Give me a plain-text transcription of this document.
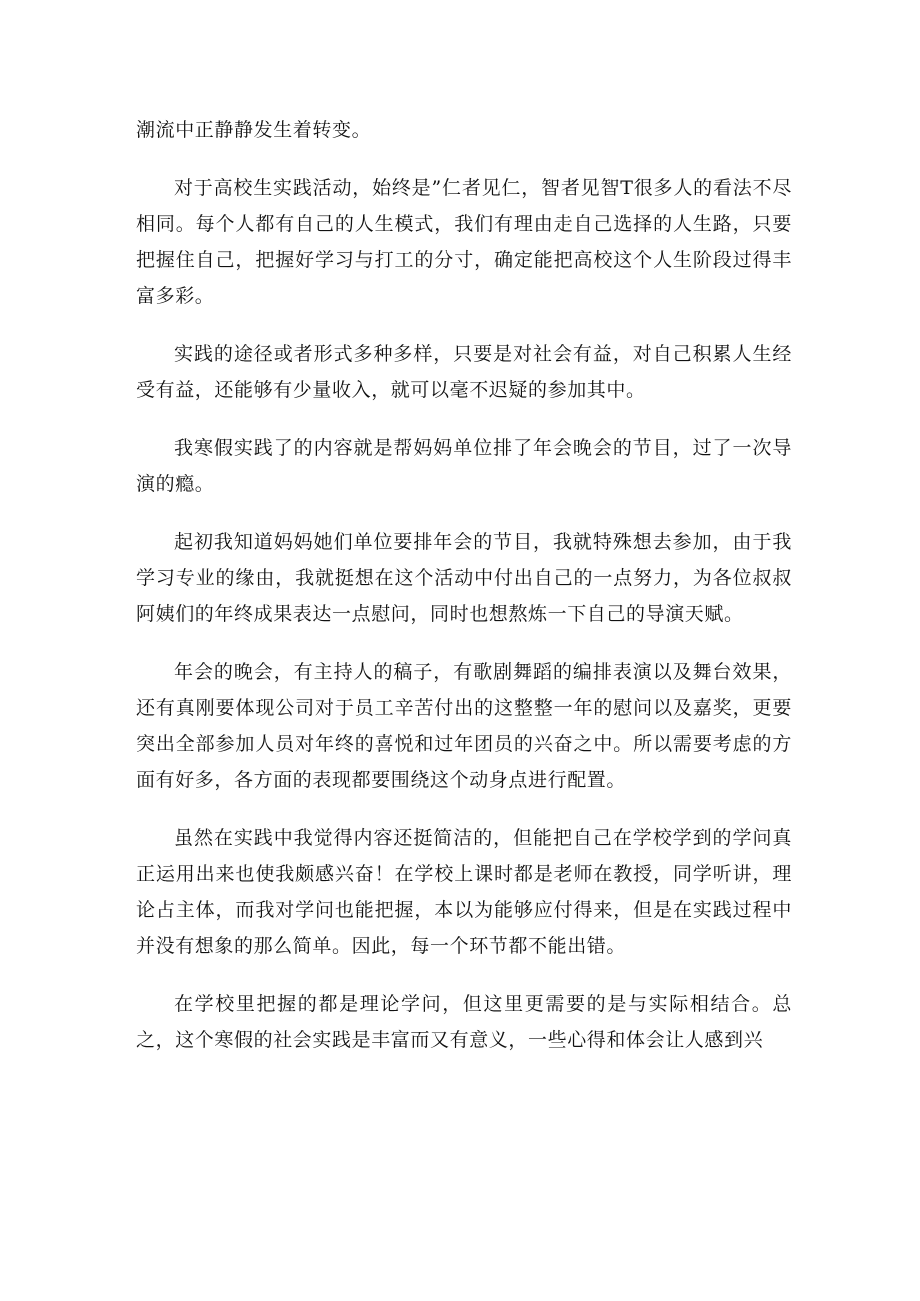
潮流中正静静发生着转变。

对于高校生实践活动，始终是”仁者见仁，智者见智T很多人的看法不尽相同。每个人都有自己的人生模式，我们有理由走自己选择的人生路，只要把握住自己，把握好学习与打工的分寸，确定能把高校这个人生阶段过得丰富多彩。

实践的途径或者形式多种多样，只要是对社会有益，对自己积累人生经受有益，还能够有少量收入，就可以毫不迟疑的参加其中。

我寒假实践了的内容就是帮妈妈单位排了年会晚会的节目，过了一次导演的瘾。

起初我知道妈妈她们单位要排年会的节目，我就特殊想去参加，由于我学习专业的缘由，我就挺想在这个活动中付出自己的一点努力，为各位叔叔阿姨们的年终成果表达一点慰问，同时也想熬炼一下自己的导演天赋。

年会的晚会，有主持人的稿子，有歌剧舞蹈的编排表演以及舞台效果，还有真刚要体现公司对于员工辛苦付出的这整整一年的慰问以及嘉奖，更要突出全部参加人员对年终的喜悦和过年团员的兴奋之中。所以需要考虑的方面有好多，各方面的表现都要围绕这个动身点进行配置。

虽然在实践中我觉得内容还挺简洁的，但能把自己在学校学到的学问真正运用出来也使我颇感兴奋！在学校上课时都是老师在教授，同学听讲，理论占主体，而我对学问也能把握，本以为能够应付得来，但是在实践过程中并没有想象的那么简单。因此，每一个环节都不能出错。

在学校里把握的都是理论学问，但这里更需要的是与实际相结合。总之，这个寒假的社会实践是丰富而又有意义，一些心得和体会让人感到兴
